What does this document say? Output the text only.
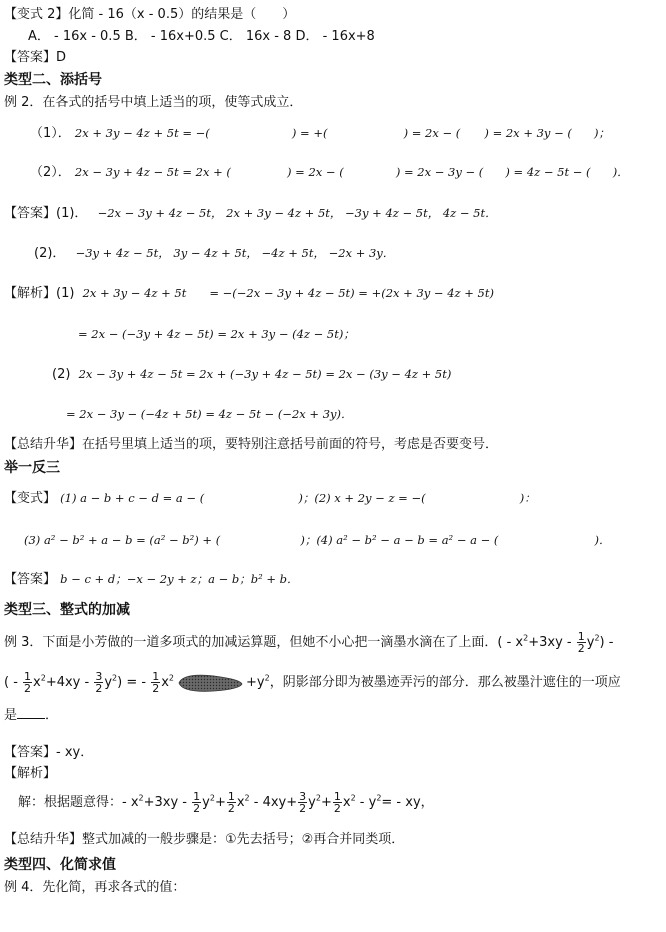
【变式 2】化简 - 16（x - 0.5）的结果是（　　）
A． - 16x - 0.5 B． - 16x+0.5 C． 16x - 8 D． - 16x+8
【答案】D
类型二、添括号
例 2．在各式的括号中填上适当的项，使等式成立．
（1）． 2x + 3y − 4z + 5t = −(	) = +(	) = 2x − ( ) = 2x + 3y − ( )；
（2）． 2x − 3y + 4z − 5t = 2x + (	) = 2x − (	) = 2x − 3y − ( ) = 4z − 5t − ( )．
【答案】(1)． −2x − 3y + 4z − 5t， 2x + 3y − 4z + 5t， −3y + 4z − 5t， 4z − 5t．
(2)． −3y + 4z − 5t， 3y − 4z + 5t， −4z + 5t， −2x + 3y．
【解析】(1) 2x + 3y − 4z + 5t　　= −(−2x − 3y + 4z − 5t) = +(2x + 3y − 4z + 5t)
= 2x − (−3y + 4z − 5t) = 2x + 3y − (4z − 5t)；
(2) 2x − 3y + 4z − 5t = 2x + (−3y + 4z − 5t) = 2x − (3y − 4z + 5t)
= 2x − 3y − (−4z + 5t) = 4z − 5t − (−2x + 3y)．
【总结升华】在括号里填上适当的项，要特别注意括号前面的符号，考虑是否要变号．
举一反三
【变式】 (1) a − b + c − d = a − (	)；(2) x + 2y − z = −(	)：
(3) a² − b² + a − b = (a² − b²) + (	)；(4) a² − b² − a − b = a² − a − (	)．
【答案】 b − c + d；−x − 2y + z；a − b；b² + b．
类型三、整式的加减
例 3．下面是小芳做的一道多项式的加减运算题，但她不小心把一滴墨水滴在了上面．( - $x^2+3xy - \frac{1}{2} y^2$) -
( - $\frac{1}{2} x^2+4xy - \frac{3}{2} y^2$) = - $\frac{1}{2} x^2$	$+y^2$，阴影部分即为被墨迹弄污的部分．那么被墨汁遮住的一项应
是 ．
【答案】- xy．
【解析】
解：根据题意得：- $x^2+3xy - \frac{1}{2} y^2+ \frac{1}{2} x^2 - 4xy+ \frac{3}{2} y^2+ \frac{1}{2} x^2 - y^2=$ - xy，
【总结升华】整式加减的一般步骤是：①先去括号；②再合并同类项．
类型四、化简求值
例 4．先化简，再求各式的值：
